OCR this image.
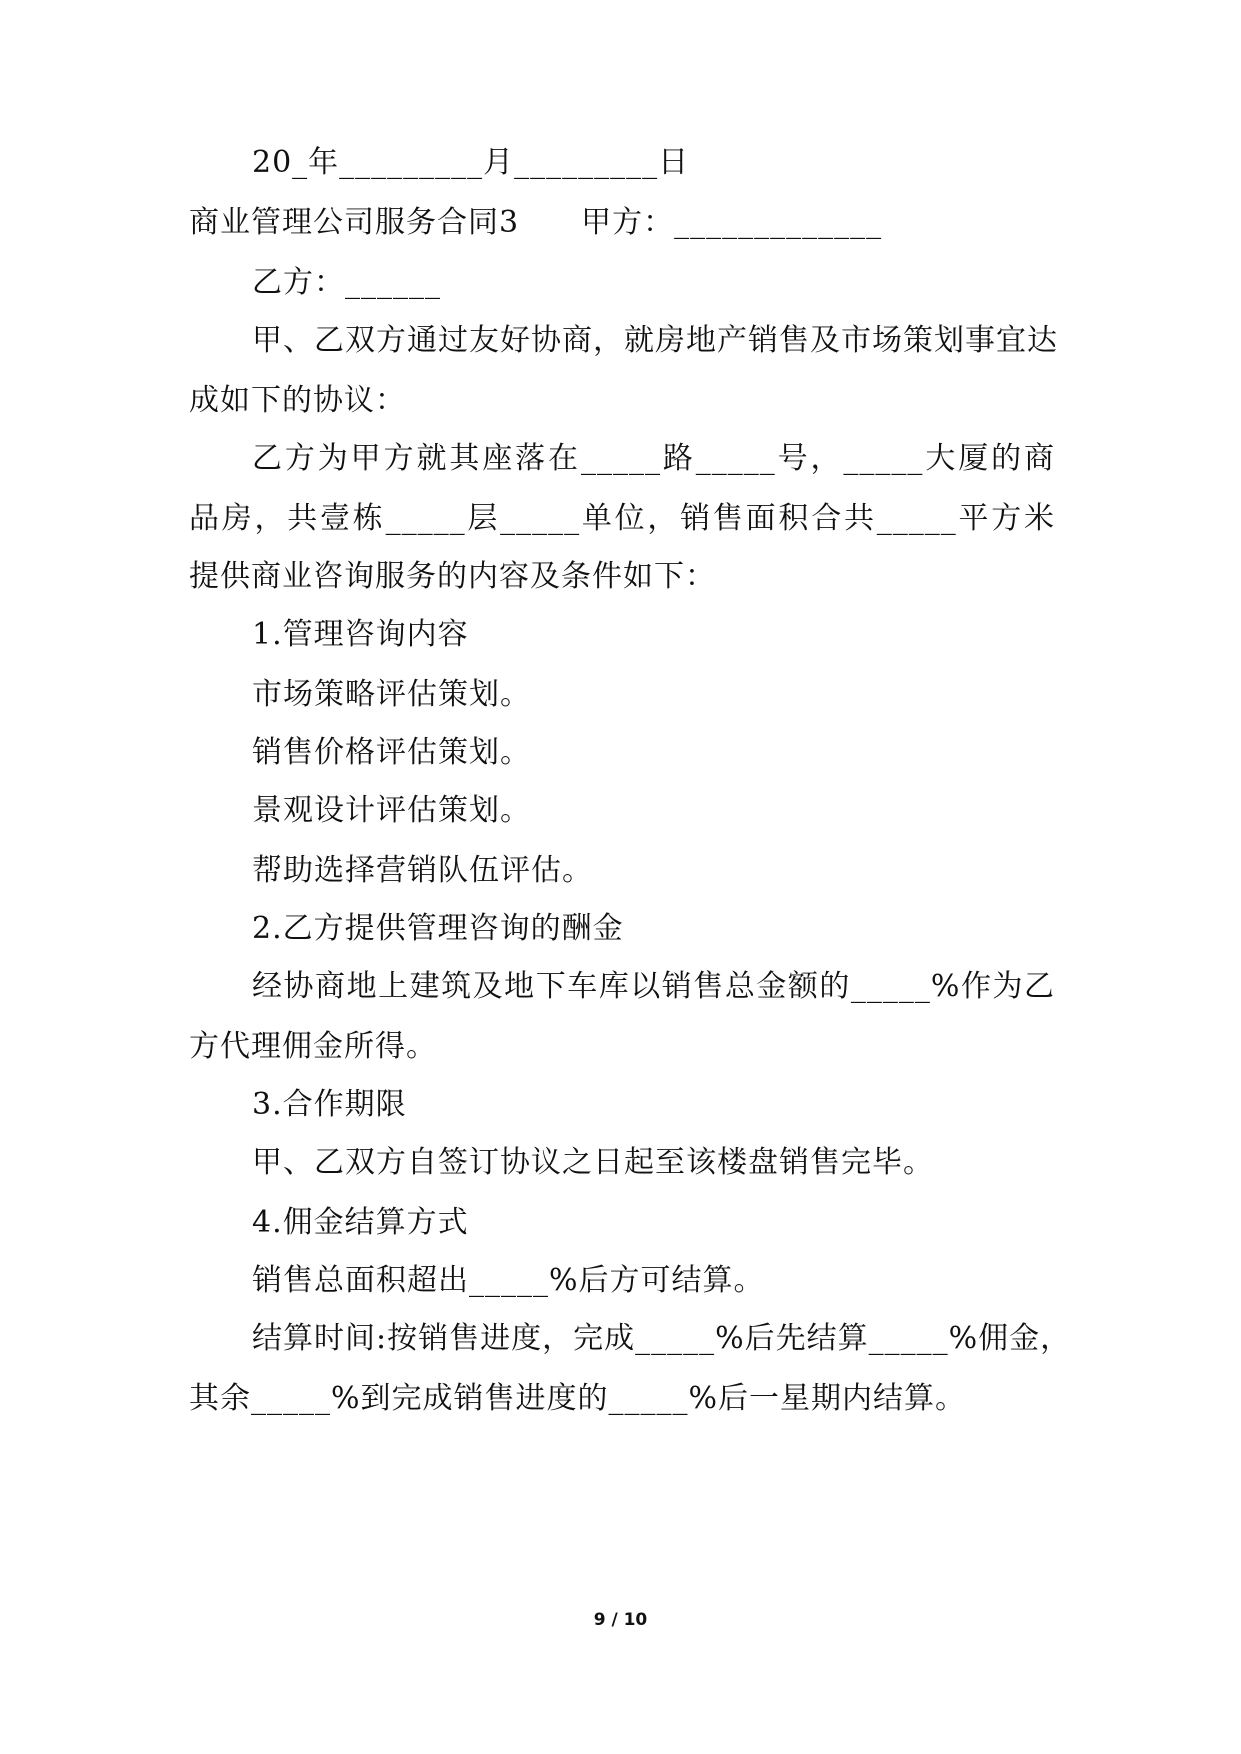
20_年_________月_________日
商业管理公司服务合同3　　甲方：_____________
乙方：______
甲、乙双方通过友好协商，就房地产销售及市场策划事宜达
成如下的协议：
乙方为甲方就其座落在_____路_____号，_____大厦的商
品房，共壹栋_____层_____单位，销售面积合共_____平方米
提供商业咨询服务的内容及条件如下：
1.管理咨询内容
市场策略评估策划。
销售价格评估策划。
景观设计评估策划。
帮助选择营销队伍评估。
2.乙方提供管理咨询的酬金
经协商地上建筑及地下车库以销售总金额的_____%作为乙
方代理佣金所得。
3.合作期限
甲、乙双方自签订协议之日起至该楼盘销售完毕。
4.佣金结算方式
销售总面积超出_____%后方可结算。
结算时间:按销售进度，完成_____%后先结算_____%佣金，
其余_____%到完成销售进度的_____%后一星期内结算。
9 / 10
